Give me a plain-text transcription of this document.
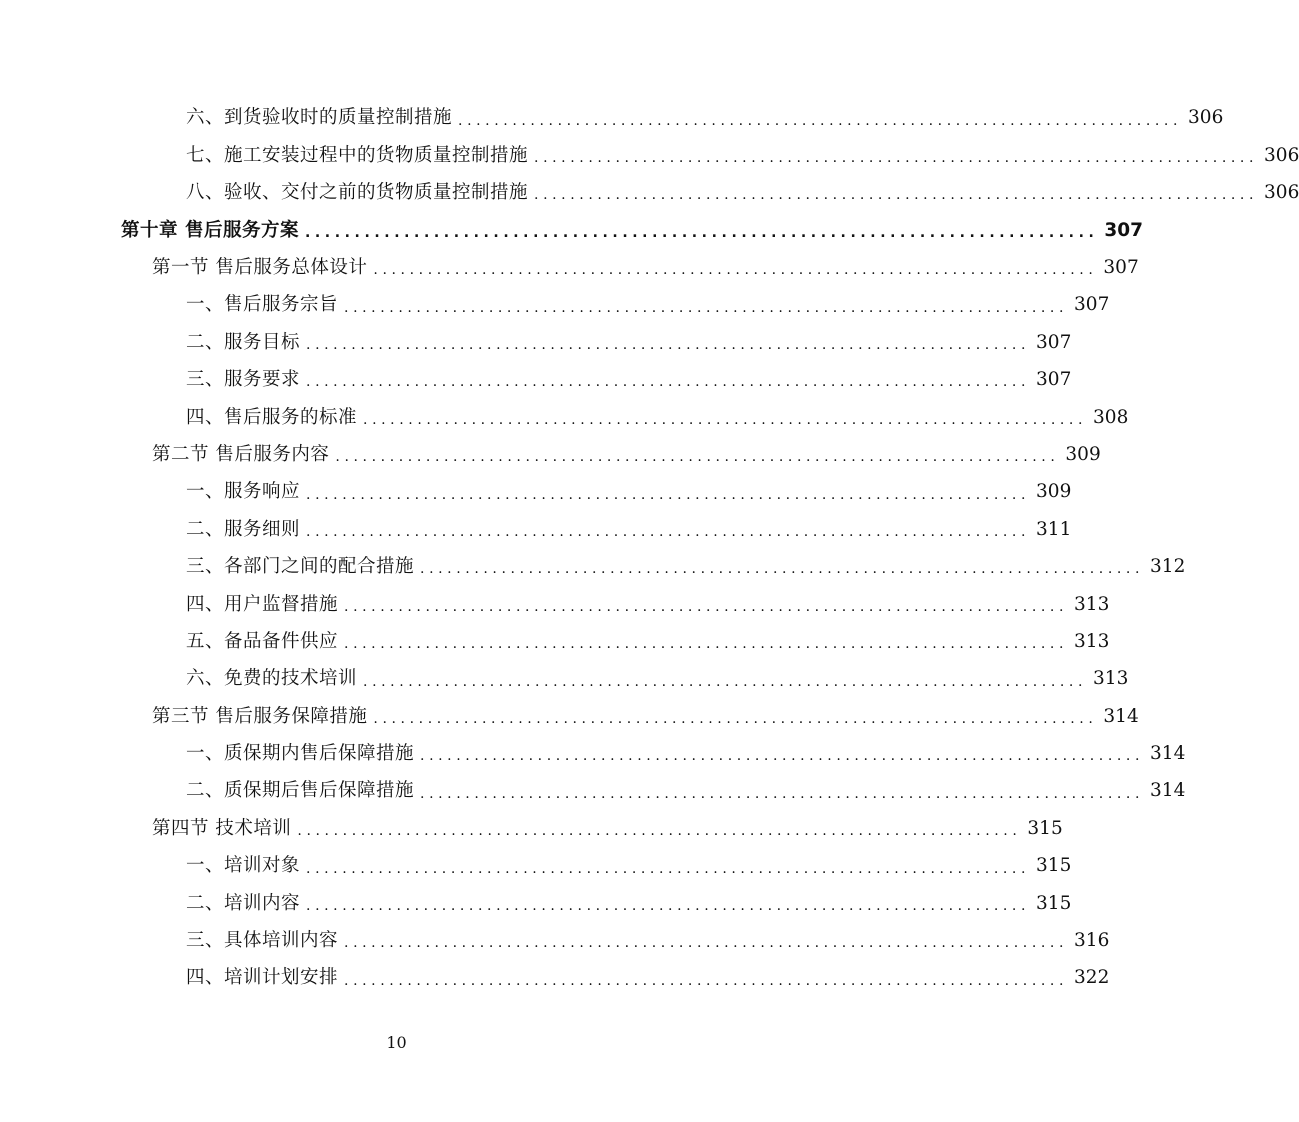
六、到货验收时的质量控制措施 ................................................................................ 306
七、施工安装过程中的货物质量控制措施 ................................................................................ 306
八、验收、交付之前的货物质量控制措施 ................................................................................ 306
第十章 售后服务方案 ................................................................................ 307
第一节 售后服务总体设计 ................................................................................ 307
一、售后服务宗旨 ................................................................................ 307
二、服务目标 ................................................................................ 307
三、服务要求 ................................................................................ 307
四、售后服务的标准 ................................................................................ 308
第二节 售后服务内容 ................................................................................ 309
一、服务响应 ................................................................................ 309
二、服务细则 ................................................................................ 311
三、各部门之间的配合措施 ................................................................................ 312
四、用户监督措施 ................................................................................ 313
五、备品备件供应 ................................................................................ 313
六、免费的技术培训 ................................................................................ 313
第三节 售后服务保障措施 ................................................................................ 314
一、质保期内售后保障措施 ................................................................................ 314
二、质保期后售后保障措施 ................................................................................ 314
第四节 技术培训 ................................................................................ 315
一、培训对象 ................................................................................ 315
二、培训内容 ................................................................................ 315
三、具体培训内容 ................................................................................ 316
四、培训计划安排 ................................................................................ 322
10
